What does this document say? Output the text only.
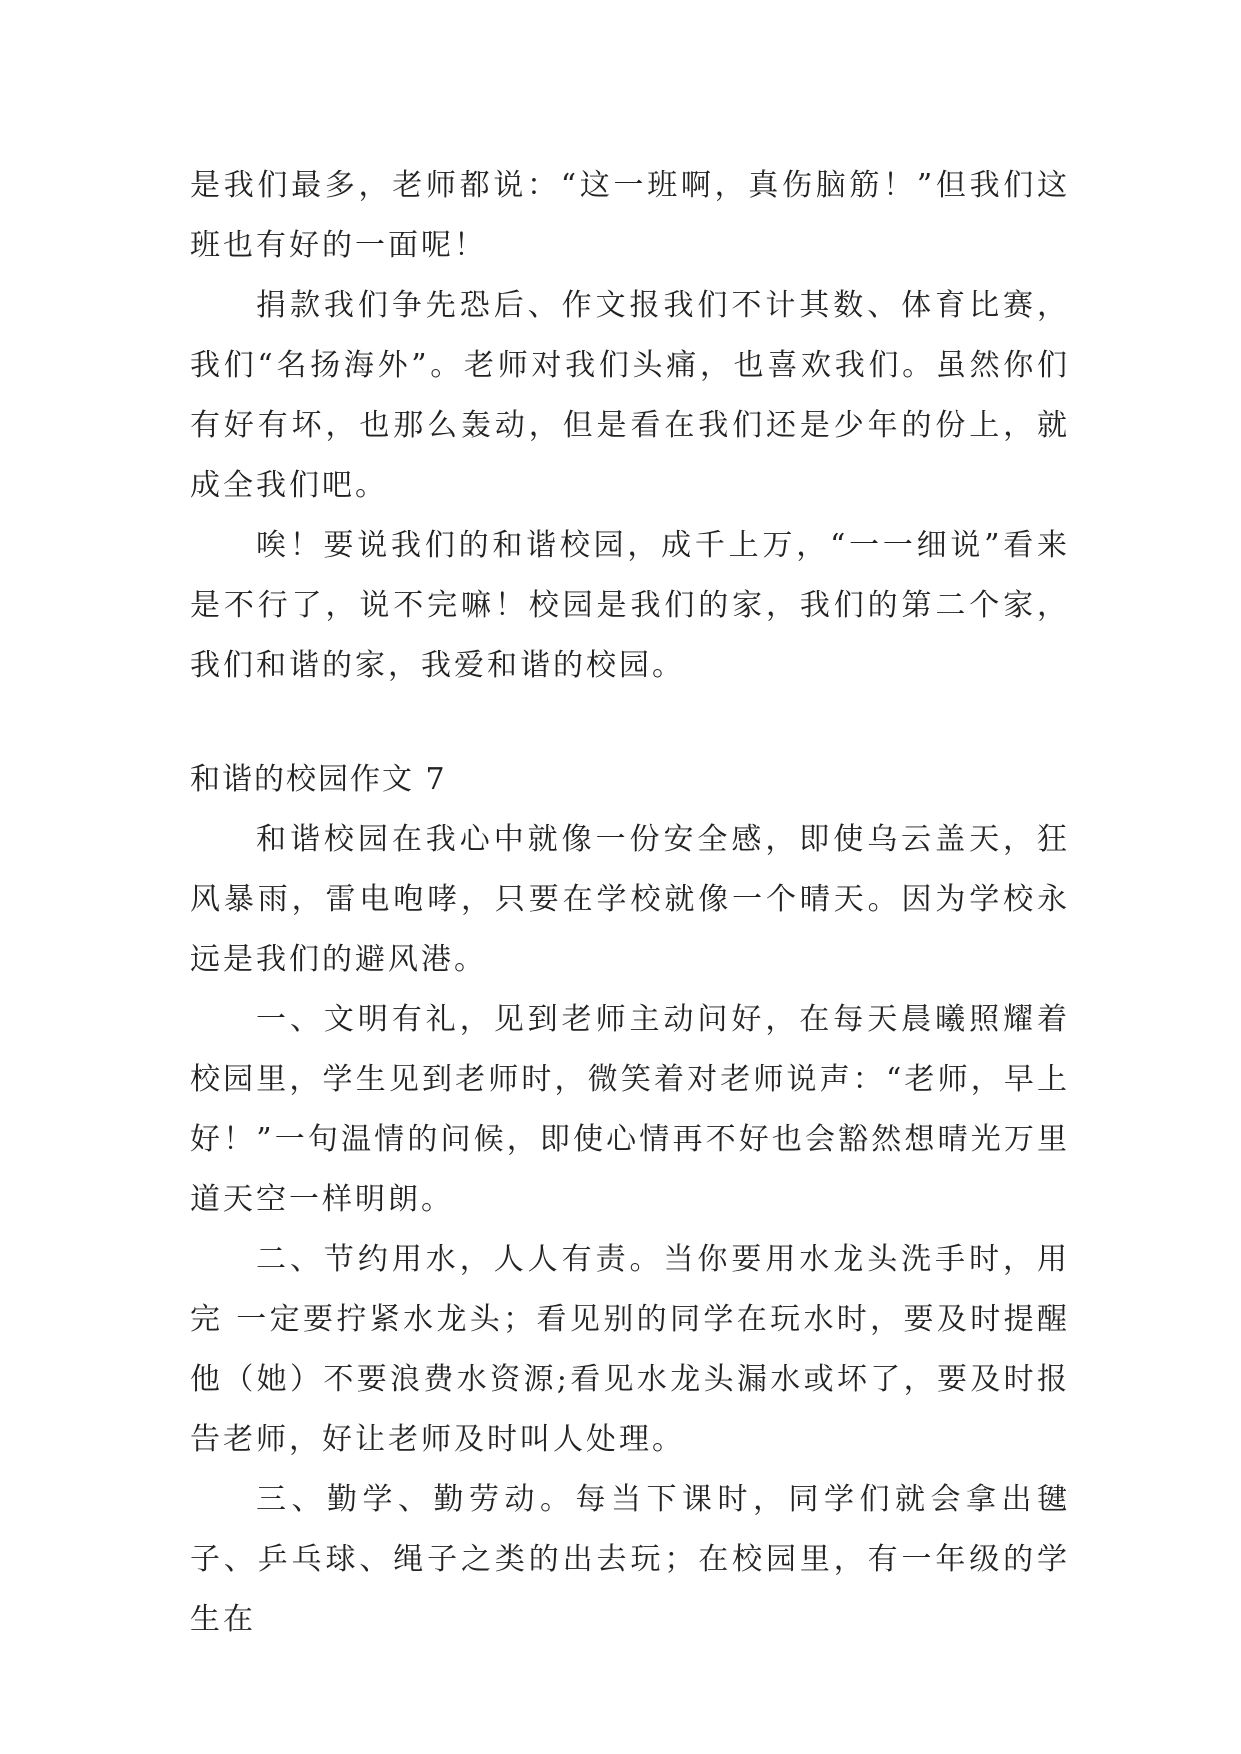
是我们最多，老师都说：“这一班啊，真伤脑筋！”但我们这班也有好的一面呢！

捐款我们争先恐后、作文报我们不计其数、体育比赛，我们“名扬海外”。老师对我们头痛，也喜欢我们。虽然你们有好有坏，也那么轰动，但是看在我们还是少年的份上，就成全我们吧。

唉！要说我们的和谐校园，成千上万，“一一细说”看来是不行了，说不完嘛！校园是我们的家，我们的第二个家，我们和谐的家，我爱和谐的校园。

和谐的校园作文 7

和谐校园在我心中就像一份安全感，即使乌云盖天，狂风暴雨，雷电咆哮，只要在学校就像一个晴天。因为学校永远是我们的避风港。

一、文明有礼，见到老师主动问好，在每天晨曦照耀着校园里，学生见到老师时，微笑着对老师说声：“老师，早上好！”一句温情的问候，即使心情再不好也会豁然想晴光万里道天空一样明朗。

二、节约用水，人人有责。当你要用水龙头洗手时，用完 一定要拧紧水龙头；看见别的同学在玩水时，要及时提醒他（她）不要浪费水资源;看见水龙头漏水或坏了，要及时报告老师，好让老师及时叫人处理。

三、勤学、勤劳动。每当下课时，同学们就会拿出毽子、乒乓球、绳子之类的出去玩；在校园里，有一年级的学生在
